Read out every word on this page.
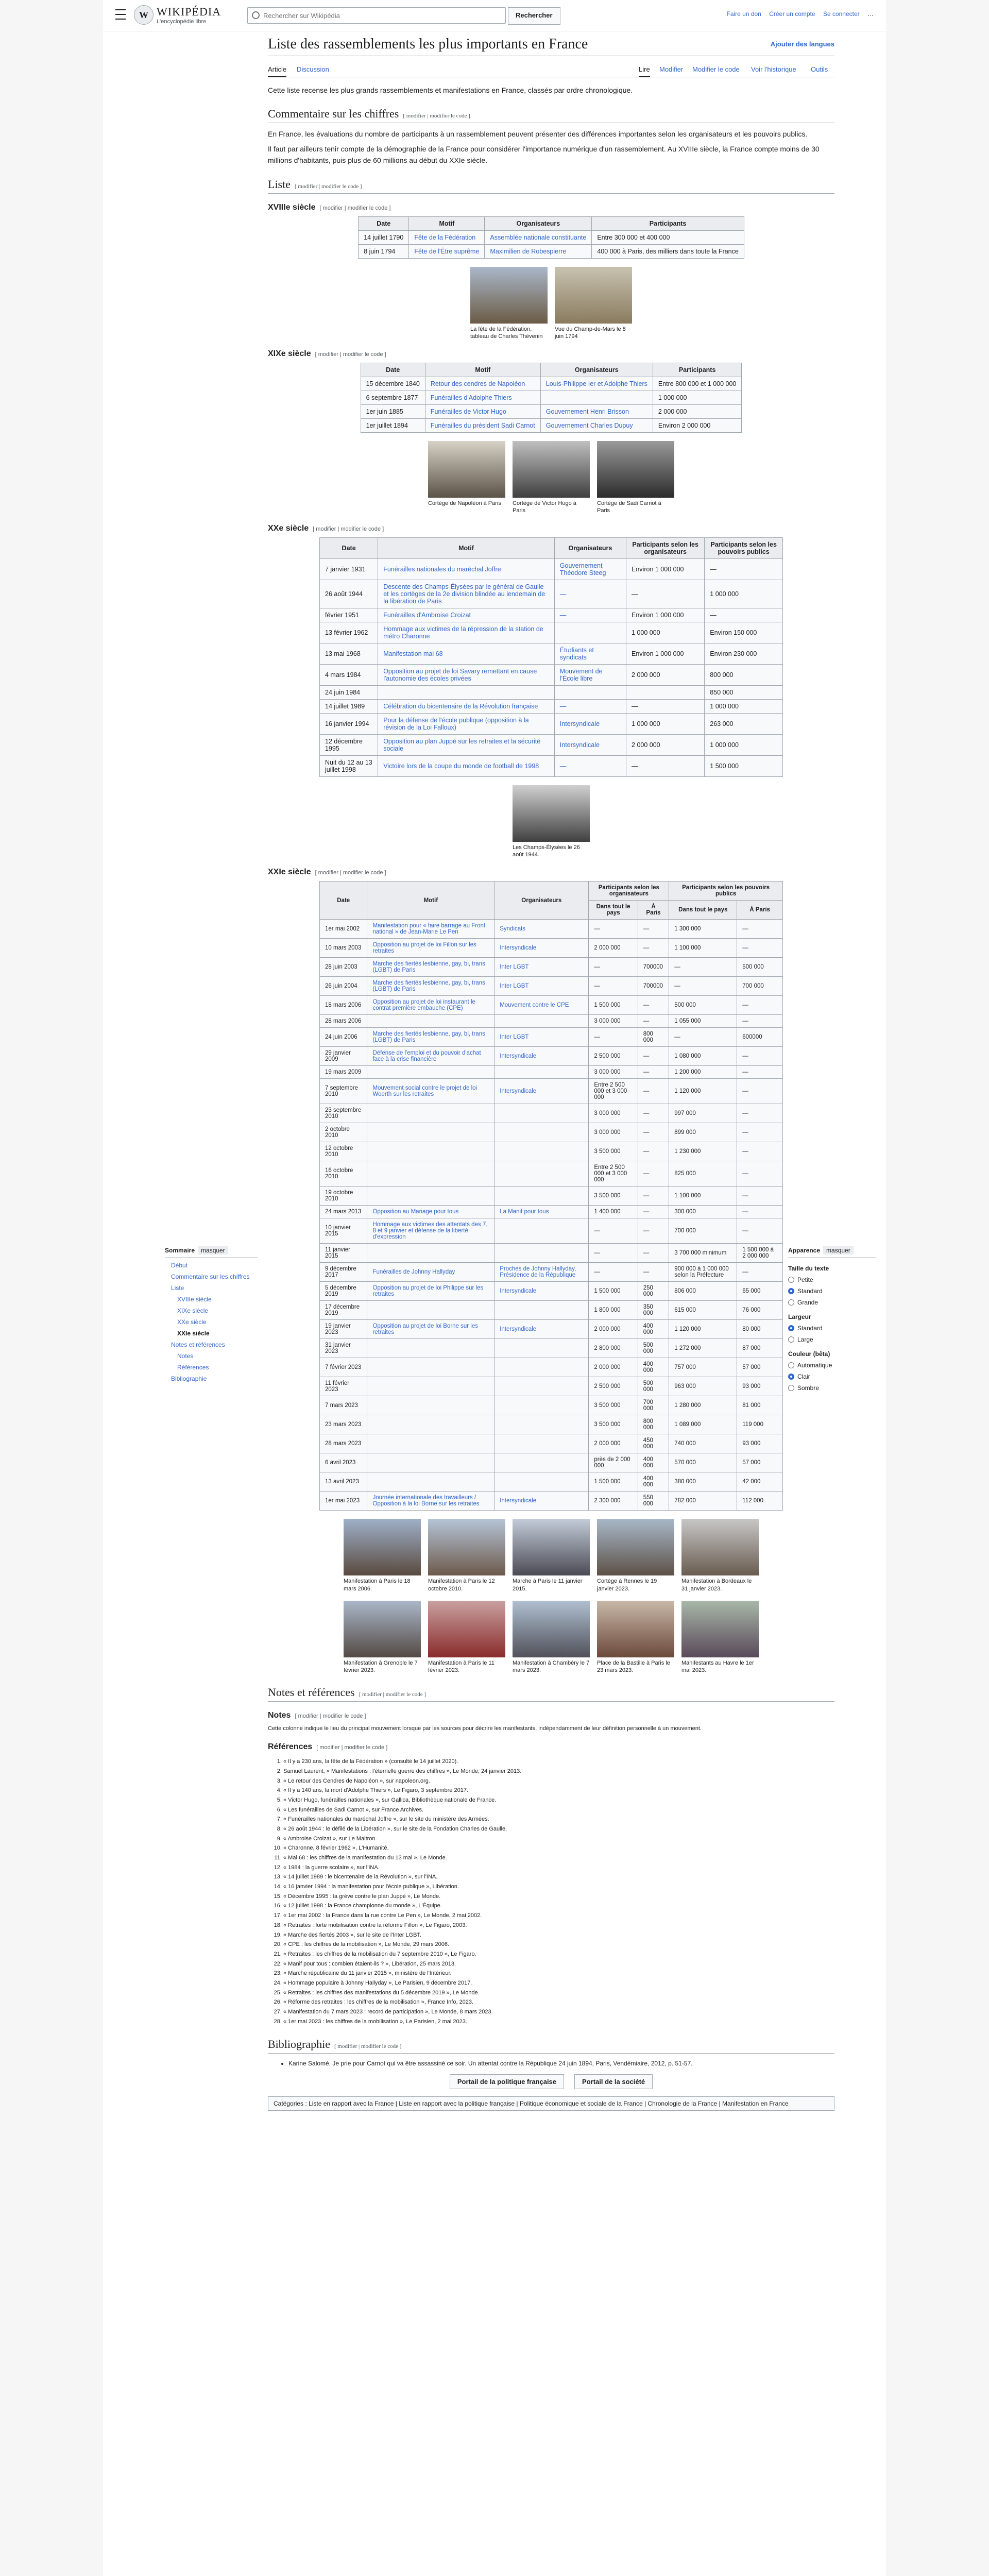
W WIKIPÉDIA
L'encyclopédie libre
Rechercher sur Wikipédia
Rechercher	Faire un don Créer un compte Se connecter …
Sommaire masquer
Début
Commentaire sur les chiffres
Liste
XVIIIe siècle
XIXe siècle
XXe siècle
XXIe siècle
Notes et références
Notes
Références
Bibliographie
Apparence masquer
Taille du texte
Petite
Standard
Grande
Largeur
Standard
Large
Couleur (bêta)
Automatique
Clair
Sombre
Liste des rassemblements les plus importants en France	Ajouter des langues
Article Discussion	Lire Modifier Modifier le code Voir l'historique Outils

Cette liste recense les plus grands rassemblements et manifestations en France, classés par ordre chronologique.

Commentaire sur les chiffres [ modifier | modifier le code ]

En France, les évaluations du nombre de participants à un rassemblement peuvent présenter des différences importantes selon les organisateurs et les pouvoirs publics.

Il faut par ailleurs tenir compte de la démographie de la France pour considérer l'importance numérique d'un rassemblement. Au XVIIIe siècle, la France compte moins de 30 millions d'habitants, puis plus de 60 millions au début du XXIe siècle.

Liste [ modifier | modifier le code ]
XVIIIe siècle [ modifier | modifier le code ]
Date	Motif	Organisateurs	Participants
14 juillet 1790	Fête de la Fédération	Assemblée nationale constituante	Entre 300 000 et 400 000
8 juin 1794	Fête de l'Être suprême	Maximilien de Robespierre	400 000 à Paris, des milliers dans toute la France
La fête de la Fédération, tableau de Charles Thévenin
Vue du Champ-de-Mars le 8 juin 1794
XIXe siècle [ modifier | modifier le code ]
Date	Motif	Organisateurs	Participants
15 décembre 1840	Retour des cendres de Napoléon	Louis-Philippe Ier et Adolphe Thiers	Entre 800 000 et 1 000 000
6 septembre 1877	Funérailles d'Adolphe Thiers		1 000 000
1er juin 1885	Funérailles de Victor Hugo	Gouvernement Henri Brisson	2 000 000
1er juillet 1894	Funérailles du président Sadi Carnot	Gouvernement Charles Dupuy	Environ 2 000 000
Cortège de Napoléon à Paris	Cortège de Victor Hugo à Paris
Cortège de Sadi Carnot à Paris
XXe siècle [ modifier | modifier le code ]
Date	Motif	Organisateurs	Participants selon les organisateurs	Participants selon les pouvoirs publics
7 janvier 1931	Funérailles nationales du maréchal Joffre	Gouvernement Théodore Steeg	Environ 1 000 000	—
26 août 1944	Descente des Champs-Élysées par le général de Gaulle et les cortèges de la 2e division blindée au lendemain de la libération de Paris	—	—	1 000 000
février 1951	Funérailles d'Ambroise Croizat	—	Environ 1 000 000	—
13 février 1962	Hommage aux victimes de la répression de la station de métro Charonne		1 000 000	Environ 150 000
13 mai 1968	Manifestation mai 68	Étudiants et syndicats	Environ 1 000 000	Environ 230 000
4 mars 1984	Opposition au projet de loi Savary remettant en cause l'autonomie des écoles privées	Mouvement de l'École libre	2 000 000	800 000
24 juin 1984				850 000
14 juillet 1989	Célébration du bicentenaire de la Révolution française	—	—	1 000 000
16 janvier 1994	Pour la défense de l'école publique (opposition à la révision de la Loi Falloux)	Intersyndicale	1 000 000	263 000
12 décembre 1995	Opposition au plan Juppé sur les retraites et la sécurité sociale	Intersyndicale	2 000 000	1 000 000
Nuit du 12 au 13 juillet 1998	Victoire lors de la coupe du monde de football de 1998	—	—	1 500 000
Les Champs-Élysées le 26 août 1944.
XXIe siècle [ modifier | modifier le code ]
Date	Motif	Organisateurs	Participants selon les organisateurs		Participants selon les pouvoirs publics	
			Dans tout le pays	À Paris	Dans tout le pays	À Paris
1er mai 2002	Manifestation pour « faire barrage au Front national » de Jean-Marie Le Pen	Syndicats	—	—	1 300 000	—
10 mars 2003	Opposition au projet de loi Fillon sur les retraites	Intersyndicale	2 000 000	—	1 100 000	—
28 juin 2003	Marche des fiertés lesbienne, gay, bi, trans (LGBT) de Paris	Inter LGBT	—	700000	—	500 000
26 juin 2004	Marche des fiertés lesbienne, gay, bi, trans (LGBT) de Paris	Inter LGBT	—	700000	—	700 000
18 mars 2006	Opposition au projet de loi instaurant le contrat première embauche (CPE)	Mouvement contre le CPE	1 500 000	—	500 000	—
28 mars 2006			3 000 000	—	1 055 000	—
24 juin 2006	Marche des fiertés lesbienne, gay, bi, trans (LGBT) de Paris	Inter LGBT	—	800 000	—	600000
29 janvier 2009	Défense de l'emploi et du pouvoir d'achat face à la crise financière	Intersyndicale	2 500 000	—	1 080 000	—
19 mars 2009			3 000 000	—	1 200 000	—
7 septembre 2010	Mouvement social contre le projet de loi Woerth sur les retraites	Intersyndicale	Entre 2 500 000 et 3 000 000	—	1 120 000	—
23 septembre 2010			3 000 000	—	997 000	—
2 octobre 2010			3 000 000	—	899 000	—
12 octobre 2010			3 500 000	—	1 230 000	—
16 octobre 2010			Entre 2 500 000 et 3 000 000	—	825 000	—
19 octobre 2010			3 500 000	—	1 100 000	—
24 mars 2013	Opposition au Mariage pour tous	La Manif pour tous	1 400 000	—	300 000	—
10 janvier 2015	Hommage aux victimes des attentats des 7, 8 et 9 janvier et défense de la liberté d'expression		—	—	700 000	—
11 janvier 2015			—	—	3 700 000 minimum	1 500 000 à 2 000 000
9 décembre 2017	Funérailles de Johnny Hallyday	Proches de Johnny Hallyday, Présidence de la République	—	—	900 000 à 1 000 000 selon la Préfecture	—
5 décembre 2019	Opposition au projet de loi Philippe sur les retraites	Intersyndicale	1 500 000	250 000	806 000	65 000
17 décembre 2019			1 800 000	350 000	615 000	76 000
19 janvier 2023	Opposition au projet de loi Borne sur les retraites	Intersyndicale	2 000 000	400 000	1 120 000	80 000
31 janvier 2023			2 800 000	500 000	1 272 000	87 000
7 février 2023			2 000 000	400 000	757 000	57 000
11 février 2023			2 500 000	500 000	963 000	93 000
7 mars 2023			3 500 000	700 000	1 280 000	81 000
23 mars 2023			3 500 000	800 000	1 089 000	119 000
28 mars 2023			2 000 000	450 000	740 000	93 000
6 avril 2023			près de 2 000 000	400 000	570 000	57 000
13 avril 2023			1 500 000	400 000	380 000	42 000
1er mai 2023	Journée internationale des travailleurs / Opposition à la loi Borne sur les retraites	Intersyndicale	2 300 000	550 000	782 000	112 000
Manifestation à Paris le 18 mars 2006.
Manifestation à Paris le 12 octobre 2010.
Marche à Paris le 11 janvier 2015.
Cortège à Rennes le 19 janvier 2023.
Manifestation à Bordeaux le 31 janvier 2023.
Manifestation à Grenoble le 7 février 2023.
Manifestation à Paris le 11 février 2023.
Manifestation à Chambéry le 7 mars 2023.
Place de la Bastille à Paris le 23 mars 2023.
Manifestants au Havre le 1er mai 2023.
Notes et références [ modifier | modifier le code ]
Notes [ modifier | modifier le code ]

Cette colonne indique le lieu du principal mouvement lorsque par les sources pour décrire les manifestants, indépendamment de leur définition personnelle à un mouvement.

Références [ modifier | modifier le code ]
1. « Il y a 230 ans, la fête de la Fédération » (consulté le 14 juillet 2020).
2. Samuel Laurent, « Manifestations : l'éternelle guerre des chiffres », Le Monde, 24 janvier 2013.
3. « Le retour des Cendres de Napoléon », sur napoleon.org.
4. « Il y a 140 ans, la mort d'Adolphe Thiers », Le Figaro, 3 septembre 2017.
5. « Victor Hugo, funérailles nationales », sur Gallica, Bibliothèque nationale de France.
6. « Les funérailles de Sadi Carnot », sur France Archives.
7. « Funérailles nationales du maréchal Joffre », sur le site du ministère des Armées.
8. « 26 août 1944 : le défilé de la Libération », sur le site de la Fondation Charles de Gaulle.
9. « Ambroise Croizat », sur Le Maitron.
10. « Charonne, 8 février 1962 », L'Humanité.
11. « Mai 68 : les chiffres de la manifestation du 13 mai », Le Monde.
12. « 1984 : la guerre scolaire », sur l'INA.
13. « 14 juillet 1989 : le bicentenaire de la Révolution », sur l'INA.
14. « 16 janvier 1994 : la manifestation pour l'école publique », Libération.
15. « Décembre 1995 : la grève contre le plan Juppé », Le Monde.
16. « 12 juillet 1998 : la France championne du monde », L'Équipe.
17. « 1er mai 2002 : la France dans la rue contre Le Pen », Le Monde, 2 mai 2002.
18. « Retraites : forte mobilisation contre la réforme Fillon », Le Figaro, 2003.
19. « Marche des fiertés 2003 », sur le site de l'Inter LGBT.
20. « CPE : les chiffres de la mobilisation », Le Monde, 29 mars 2006.
21. « Retraites : les chiffres de la mobilisation du 7 septembre 2010 », Le Figaro.
22. « Manif pour tous : combien étaient-ils ? », Libération, 25 mars 2013.
23. « Marche républicaine du 11 janvier 2015 », ministère de l'Intérieur.
24. « Hommage populaire à Johnny Hallyday », Le Parisien, 9 décembre 2017.
25. « Retraites : les chiffres des manifestations du 5 décembre 2019 », Le Monde.
26. « Réforme des retraites : les chiffres de la mobilisation », France Info, 2023.
27. « Manifestation du 7 mars 2023 : record de participation », Le Monde, 8 mars 2023.
28. « 1er mai 2023 : les chiffres de la mobilisation », Le Parisien, 2 mai 2023.
Bibliographie [ modifier | modifier le code ]
• Karine Salomé, Je prie pour Carnot qui va être assassiné ce soir. Un attentat contre la République 24 juin 1894, Paris, Vendémiaire, 2012, p. 51-57.
Portail de la politique française	Portail de la société
Catégories : Liste en rapport avec la France | Liste en rapport avec la politique française | Politique économique et sociale de la France | Chronologie de la France | Manifestation en France
